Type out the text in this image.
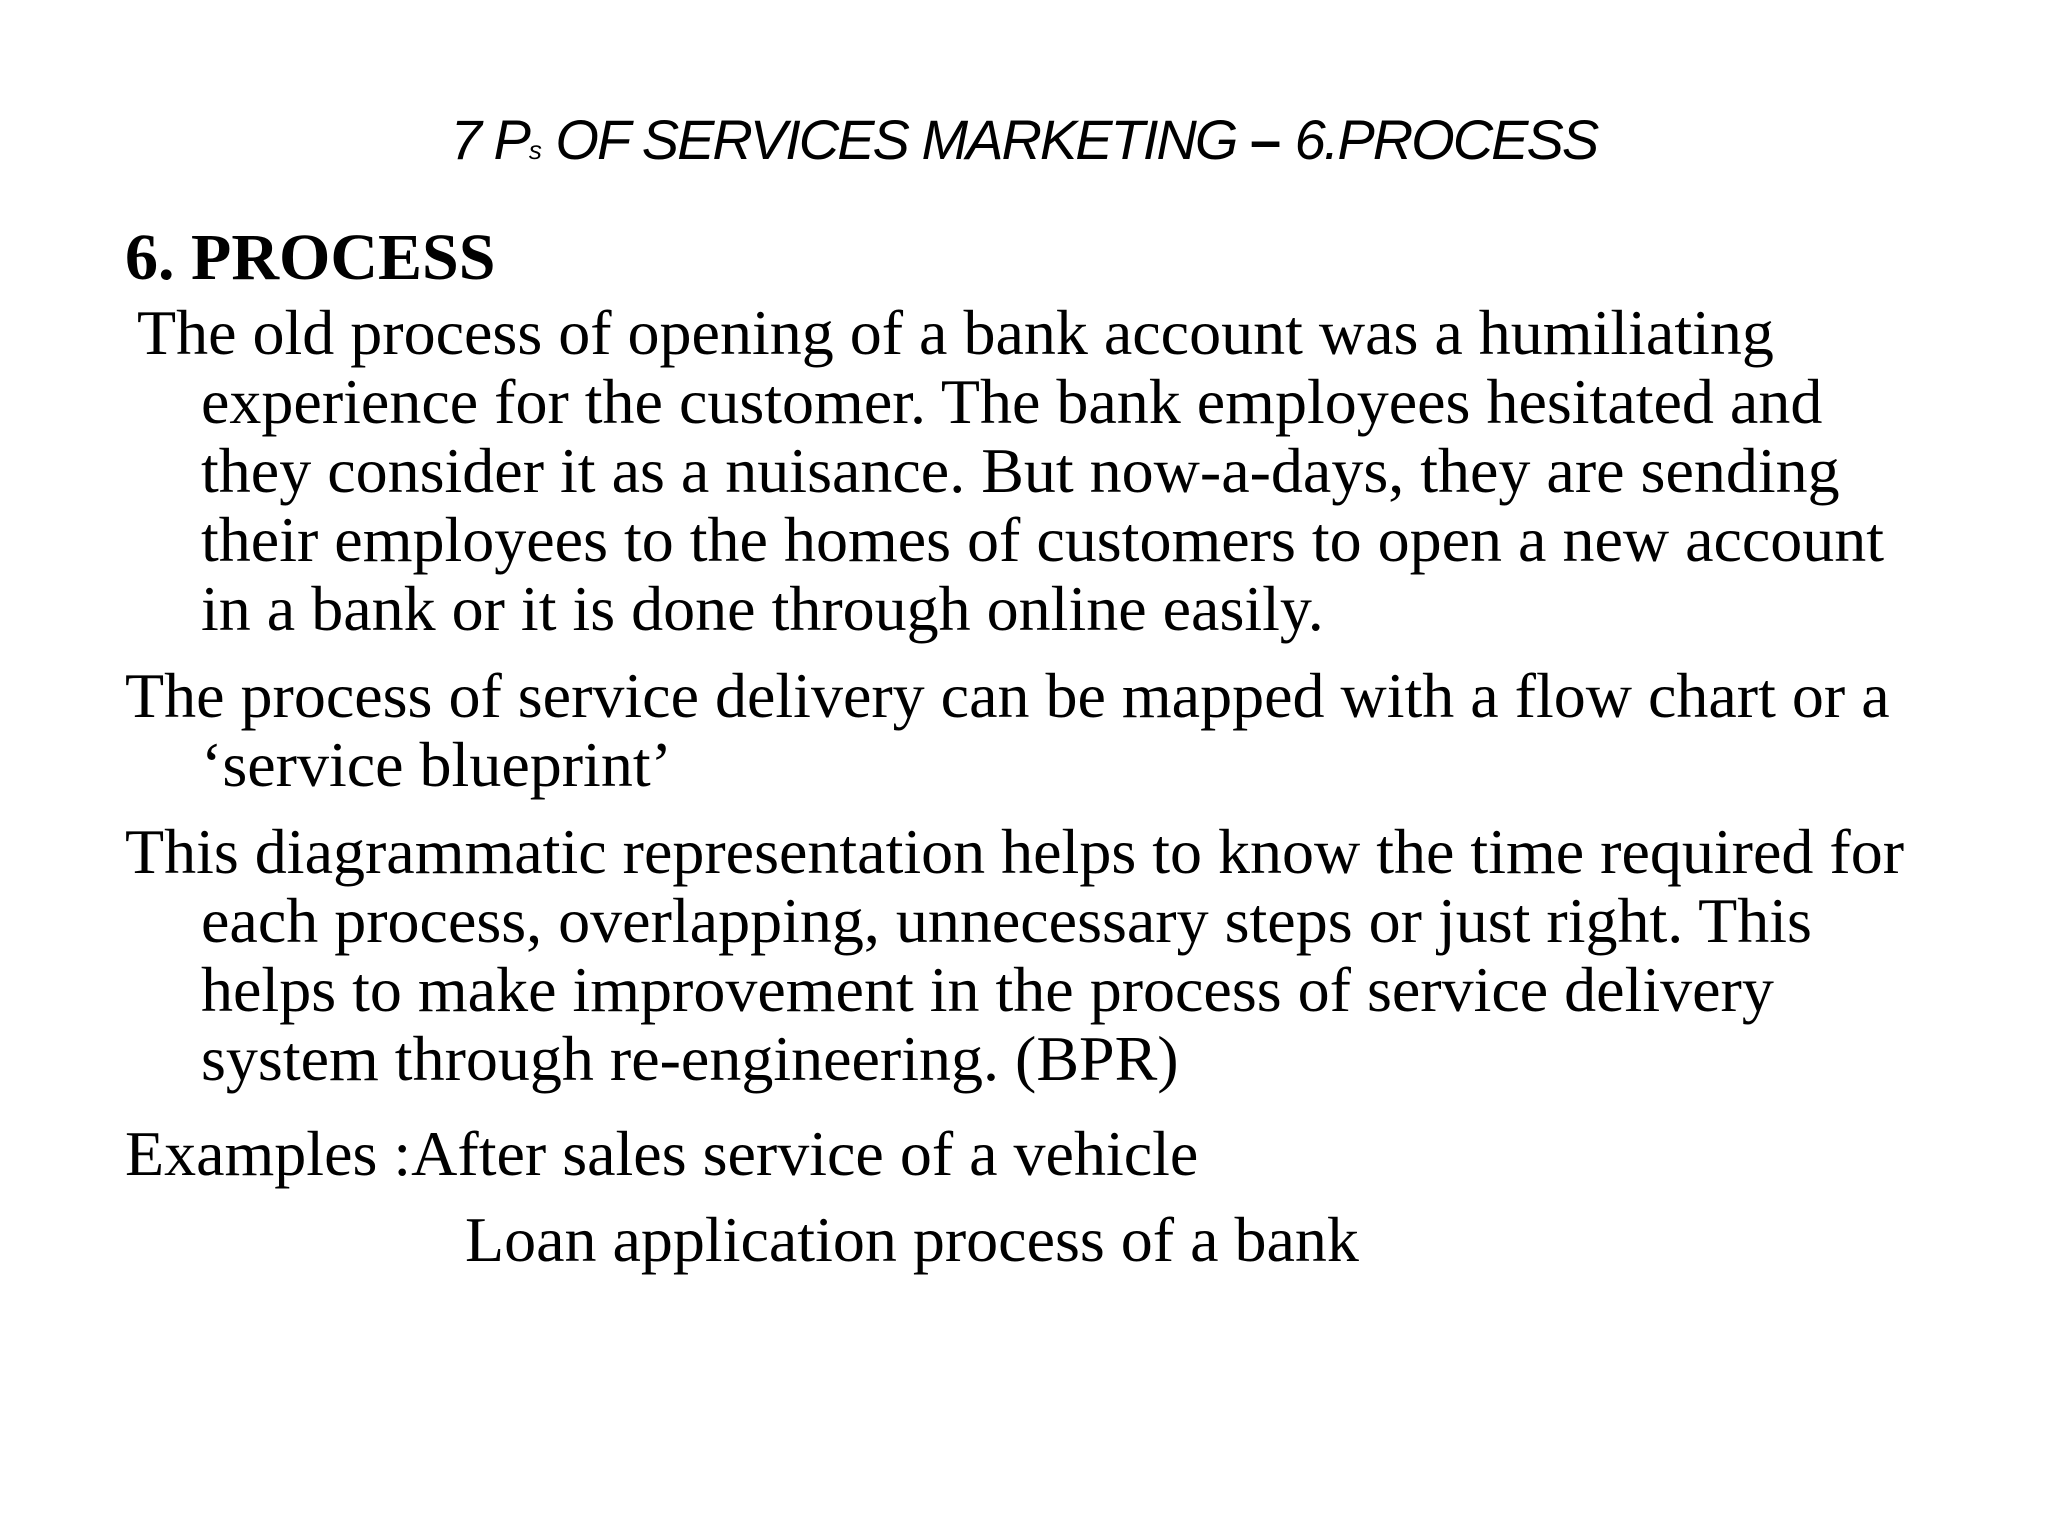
7 Ps OF SERVICES MARKETING – 6.PROCESS
6. PROCESS

The old process of opening of a bank account was a humiliating experience for the customer. The bank employees hesitated and they consider it as a nuisance. But now-a-days, they are sending their employees to the homes of customers to open a new account in a bank or it is done through online easily.

The process of service delivery can be mapped with a flow chart or a ‘service blueprint’

This diagrammatic representation helps to know the time required for each process, overlapping, unnecessary steps or just right. This helps to make improvement in the process of service delivery system through re-engineering. (BPR)

Examples :After sales service of a vehicle
Loan application process of a bank
